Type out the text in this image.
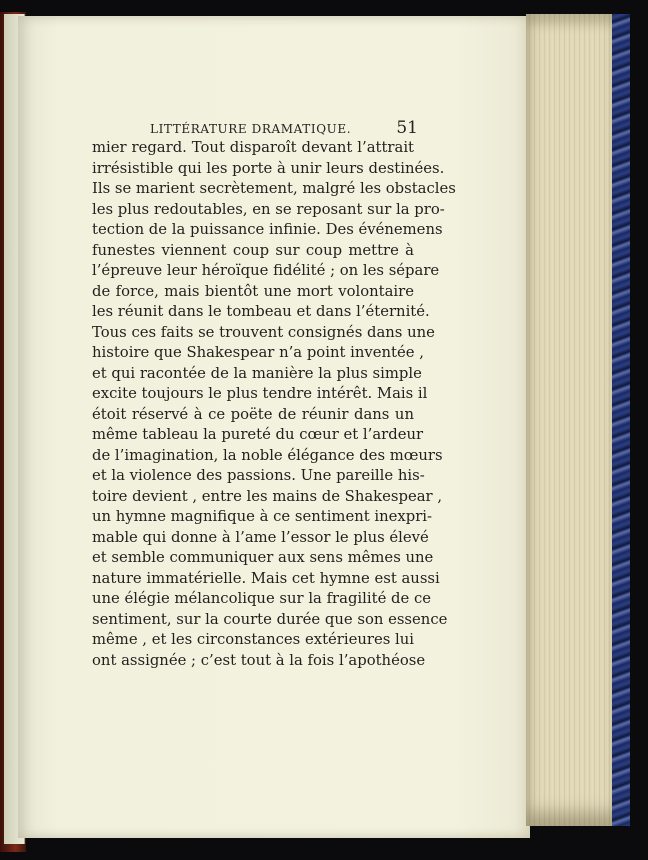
LITTÉRATURE DRAMATIQUE.	51
mier regard. Tout disparoît devant l’attrait
irrésistible qui les porte à unir leurs destinées.
Ils se marient secrètement, malgré les obstacles
les plus redoutables, en se reposant sur la pro-
tection de la puissance infinie. Des événemens
funestes viennent coup sur coup mettre à
l’épreuve leur héroïque fidélité ; on les sépare
de force, mais bientôt une mort volontaire
les réunit dans le tombeau et dans l’éternité.
Tous ces faits se trouvent consignés dans une
histoire que Shakespear n’a point inventée ,
et qui racontée de la manière la plus simple
excite toujours le plus tendre intérêt. Mais il
étoit réservé à ce poëte de réunir dans un
même tableau la pureté du cœur et l’ardeur
de l’imagination, la noble élégance des mœurs
et la violence des passions. Une pareille his-
toire devient , entre les mains de Shakespear ,
un hymne magnifique à ce sentiment inexpri-
mable qui donne à l’ame l’essor le plus élevé
et semble communiquer aux sens mêmes une
nature immatérielle. Mais cet hymne est aussi
une élégie mélancolique sur la fragilité de ce
sentiment, sur la courte durée que son essence
même , et les circonstances extérieures lui
ont assignée ; c’est tout à la fois l’apothéose
